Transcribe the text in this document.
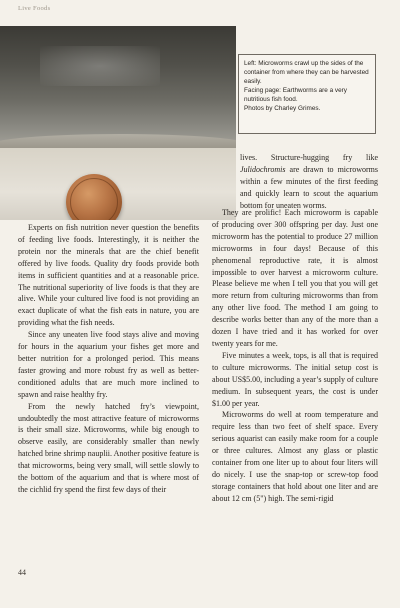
Live Foods

Left: Microworms crawl up the sides of the container from where they can be harvested easily.

Facing page: Earthworms are a very nutritious fish food.

Photos by Charley Grimes.

Experts on fish nutrition never question the benefits of feeding live foods. Interestingly, it is neither the protein nor the minerals that are the chief benefit offered by live foods. Quality dry foods provide both items in sufficient quantities and at a reasonable price. The nutritional superiority of live foods is that they are alive. While your cultured live food is not providing an exact duplicate of what the fish eats in nature, you are providing what the fish needs.

Since any uneaten live food stays alive and moving for hours in the aquarium your fishes get more and better nutrition for a prolonged period. This means faster growing and more robust fry as well as better-conditioned adults that are much more inclined to spawn and raise healthy fry.

From the newly hatched fry’s viewpoint, undoubtedly the most attractive feature of microworms is their small size. Microworms, while big enough to observe easily, are considerably smaller than newly hatched brine shrimp nauplii. Another positive feature is that microworms, being very small, will settle slowly to the bottom of the aquarium and that is where most of the cichlid fry spend the first few days of their

lives. Structure-hugging fry like Julidochromis are drawn to microworms within a few minutes of the first feeding and quickly learn to scout the aquarium bottom for uneaten worms.

They are prolific! Each microworm is capable of producing over 300 offspring per day. Just one microworm has the potential to produce 27 million microworms in four days! Because of this phenomenal reproductive rate, it is almost impossible to over harvest a microworm culture. Please believe me when I tell you that you will get more return from culturing microworms than from any other live food. The method I am going to describe works better than any of the more than a dozen I have tried and it has worked for over twenty years for me.

Five minutes a week, tops, is all that is required to culture microworms. The initial setup cost is about US$5.00, including a year’s supply of culture medium. In subsequent years, the cost is under $1.00 per year.

Microworms do well at room temperature and require less than two feet of shelf space. Every serious aquarist can easily make room for a couple or three cultures. Almost any glass or plastic container from one liter up to about four liters will do nicely. I use the snap-top or screw-top food storage containers that hold about one liter and are about 12 cm (5") high. The semi-rigid

44
